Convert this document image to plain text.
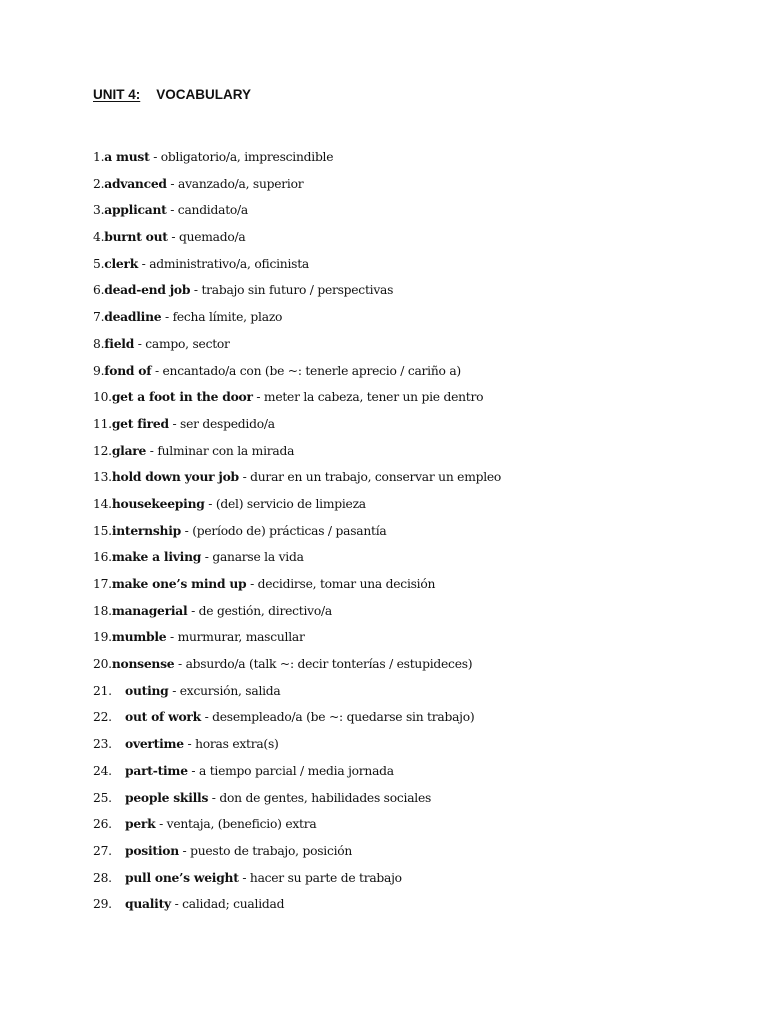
UNIT 4: VOCABULARY
1.a must - obligatorio/a, imprescindible
2.advanced - avanzado/a, superior
3.applicant - candidato/a
4.burnt out - quemado/a
5.clerk - administrativo/a, oficinista
6.dead-end job - trabajo sin futuro / perspectivas
7.deadline - fecha límite, plazo
8.field - campo, sector
9.fond of - encantado/a con (be ~: tenerle aprecio / cariño a)
10.get a foot in the door - meter la cabeza, tener un pie dentro
11.get fired - ser despedido/a
12.glare - fulminar con la mirada
13.hold down your job - durar en un trabajo, conservar un empleo
14.housekeeping - (del) servicio de limpieza
15.internship - (período de) prácticas / pasantía
16.make a living - ganarse la vida
17.make one’s mind up - decidirse, tomar una decisión
18.managerial - de gestión, directivo/a
19.mumble - murmurar, mascullar
20.nonsense - absurdo/a (talk ~: decir tonterías / estupideces)
21. outing - excursión, salida
22. out of work - desempleado/a (be ~: quedarse sin trabajo)
23. overtime - horas extra(s)
24. part-time - a tiempo parcial / media jornada
25. people skills - don de gentes, habilidades sociales
26. perk - ventaja, (beneficio) extra
27. position - puesto de trabajo, posición
28. pull one’s weight - hacer su parte de trabajo
29. quality - calidad; cualidad
